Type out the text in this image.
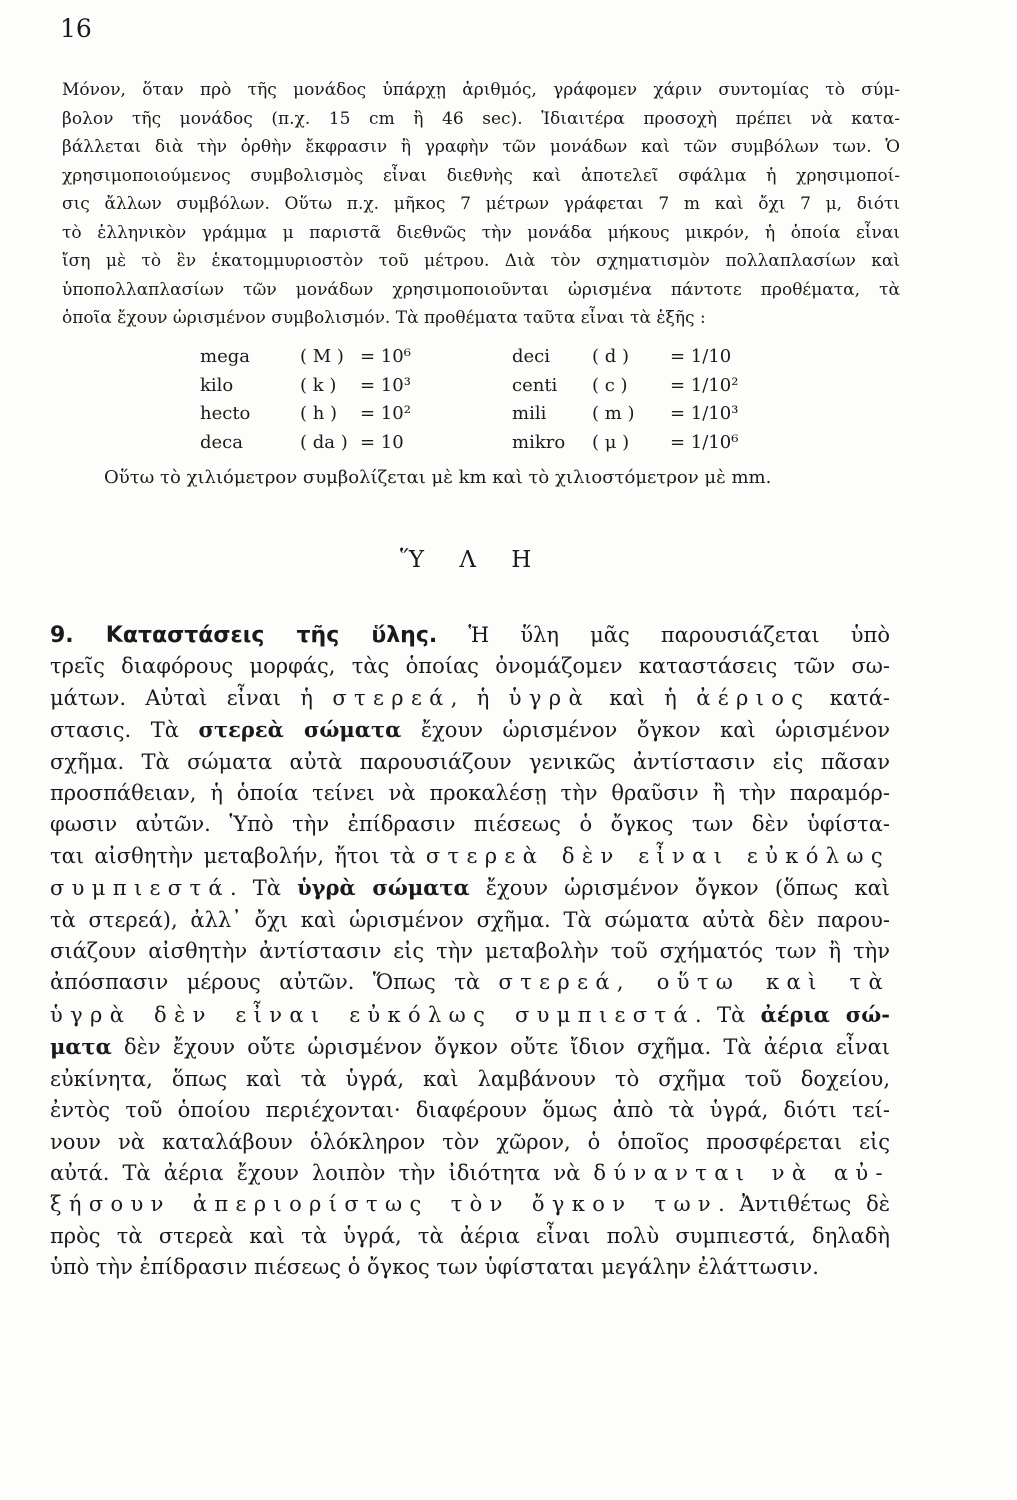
16

Μόνον, ὅταν πρὸ τῆς μονάδος ὑπάρχῃ ἀριθμός, γράφομεν χάριν συντομίας τὸ σύμ-

βολον τῆς μονάδος (π.χ. 15 cm ἢ 46 sec). Ἰδιαιτέρα προσοχὴ πρέπει νὰ κατα-

βάλλεται διὰ τὴν ὀρθὴν ἔκφρασιν ἢ γραφὴν τῶν μονάδων καὶ τῶν συμβόλων των. Ὁ

χρησιμοποιούμενος συμβολισμὸς εἶναι διεθνὴς καὶ ἀποτελεῖ σφάλμα ἡ χρησιμοποί-

σις ἄλλων συμβόλων. Οὕτω π.χ. μῆκος 7 μέτρων γράφεται 7 m καὶ ὄχι 7 μ, διότι

τὸ ἑλληνικὸν γράμμα μ παριστᾶ διεθνῶς τὴν μονάδα μήκους μικρόν, ἡ ὁποία εἶναι

ἴση μὲ τὸ ἓν ἑκατομμυριοστὸν τοῦ μέτρου. Διὰ τὸν σχηματισμὸν πολλαπλασίων καὶ

ὑποπολλαπλασίων τῶν μονάδων χρησιμοποιοῦνται ὡρισμένα πάντοτε προθέματα, τὰ

ὁποῖα ἔχουν ὡρισμένον συμβολισμόν. Τὰ προθέματα ταῦτα εἶναι τὰ ἑξῆς :

mega	( M ) = 10⁶	deci ( d ) = 1/10
kilo	( k ) = 10³	centi ( c ) = 1/10²
hecto	( h ) = 10²	mili	( m ) = 1/10³
deca	( da ) = 10	mikro ( μ ) = 1/10⁶
Οὕτω τὸ χιλιόμετρον συμβολίζεται μὲ km καὶ τὸ χιλιοστόμετρον μὲ mm.
Ὕ Λ Η

9. Καταστάσεις τῆς ὕλης. Ἡ ὕλη μᾶς παρουσιάζεται ὑπὸ

τρεῖς διαφόρους μορφάς, τὰς ὁποίας ὀνομάζομεν καταστάσεις τῶν σω-

μάτων. Αὐταὶ εἶναι ἡ στερεά, ἡ ὑγρὰ καὶ ἡ ἀέριος κατά-

στασις. Τὰ στερεὰ σώματα ἔχουν ὡρισμένον ὄγκον καὶ ὡρισμένον

σχῆμα. Τὰ σώματα αὐτὰ παρουσιάζουν γενικῶς ἀντίστασιν εἰς πᾶσαν

προσπάθειαν, ἡ ὁποία τείνει νὰ προκαλέσῃ τὴν θραῦσιν ἢ τὴν παραμόρ-

φωσιν αὐτῶν. Ὑπὸ τὴν ἐπίδρασιν πιέσεως ὁ ὄγκος των δὲν ὑφίστα-

ται αἰσθητὴν μεταβολήν, ἤτοι τὰ στερεὰ δὲν εἶναι εὐκόλως

συμπιεστά. Τὰ ὑγρὰ σώματα ἔχουν ὡρισμένον ὄγκον (ὅπως καὶ

τὰ στερεά), ἀλλ᾽ ὄχι καὶ ὡρισμένον σχῆμα. Τὰ σώματα αὐτὰ δὲν παρου-

σιάζουν αἰσθητὴν ἀντίστασιν εἰς τὴν μεταβολὴν τοῦ σχήματός των ἢ τὴν

ἀπόσπασιν μέρους αὐτῶν. Ὅπως τὰ στερεά, οὕτω καὶ τὰ

ὑγρὰ δὲν εἶναι εὐκόλως συμπιεστά. Τὰ ἀέρια σώ-

ματα δὲν ἔχουν οὔτε ὡρισμένον ὄγκον οὔτε ἴδιον σχῆμα. Τὰ ἀέρια εἶναι

εὐκίνητα, ὅπως καὶ τὰ ὑγρά, καὶ λαμβάνουν τὸ σχῆμα τοῦ δοχείου,

ἐντὸς τοῦ ὁποίου περιέχονται· διαφέρουν ὅμως ἀπὸ τὰ ὑγρά, διότι τεί-

νουν νὰ καταλάβουν ὁλόκληρον τὸν χῶρον, ὁ ὁποῖος προσφέρεται εἰς

αὐτά. Τὰ ἀέρια ἔχουν λοιπὸν τὴν ἰδιότητα νὰ δύνανται νὰ αὐ-

ξήσουν ἀπεριορίστως τὸν ὄγκον των. Ἀντιθέτως δὲ

πρὸς τὰ στερεὰ καὶ τὰ ὑγρά, τὰ ἀέρια εἶναι πολὺ συμπιεστά, δηλαδὴ

ὑπὸ τὴν ἐπίδρασιν πιέσεως ὁ ὄγκος των ὑφίσταται μεγάλην ἐλάττωσιν.
